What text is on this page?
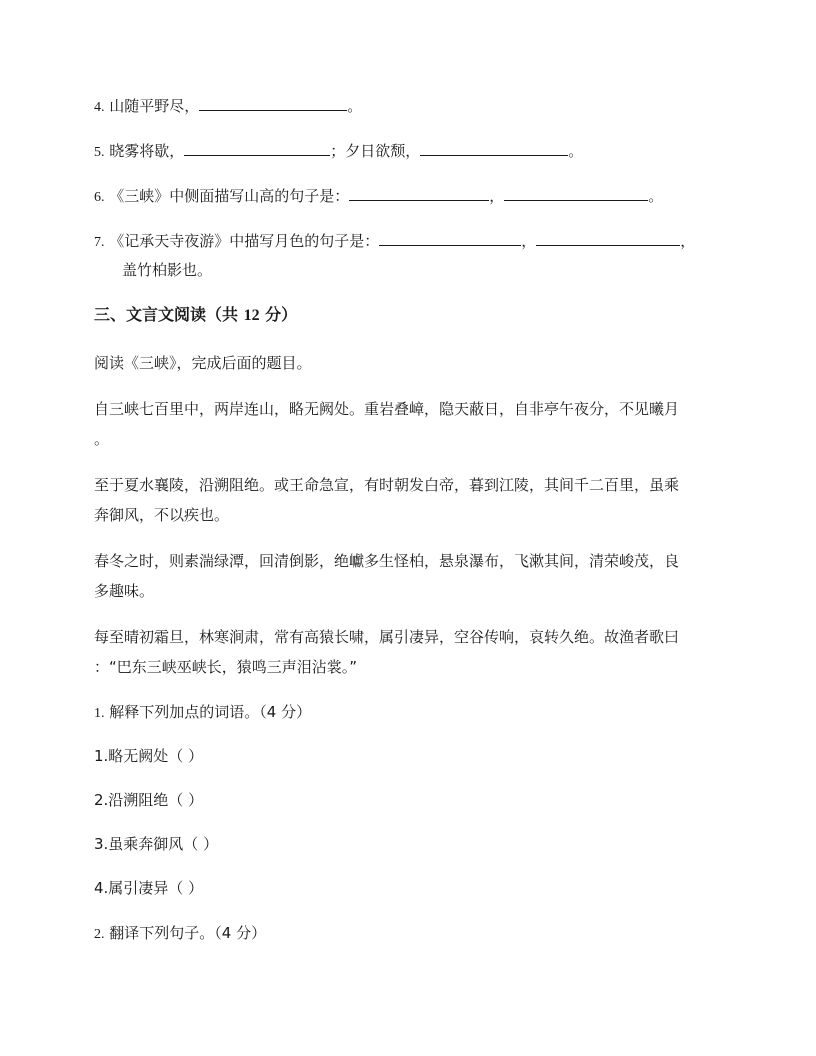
4. 山随平野尽，	。
5. 晓雾将歇，	；夕日欲颓，	。
6. 《三峡》中侧面描写山高的句子是：	，	。
7. 《记承天寺夜游》中描写月色的句子是：	，	，
盖竹柏影也。
三、文言文阅读（共 12 分）
阅读《三峡》，完成后面的题目。
自三峡七百里中，两岸连山，略无阙处。重岩叠嶂，隐天蔽日，自非亭午夜分，不见曦月
。
至于夏水襄陵，沿溯阻绝。或王命急宣，有时朝发白帝，暮到江陵，其间千二百里，虽乘
奔御风，不以疾也。
春冬之时，则素湍绿潭，回清倒影，绝巘多生怪柏，悬泉瀑布，飞漱其间，清荣峻茂，良
多趣味。
每至晴初霜旦，林寒涧肃，常有高猿长啸，属引凄异，空谷传响，哀转久绝。故渔者歌曰
：“巴东三峡巫峡长，猿鸣三声泪沾裳。”
1. 解释下列加点的词语。（4 分）
1.略无阙处（ ）
2.沿溯阻绝（ ）
3.虽乘奔御风（ ）
4.属引凄异（ ）
2. 翻译下列句子。（4 分）
